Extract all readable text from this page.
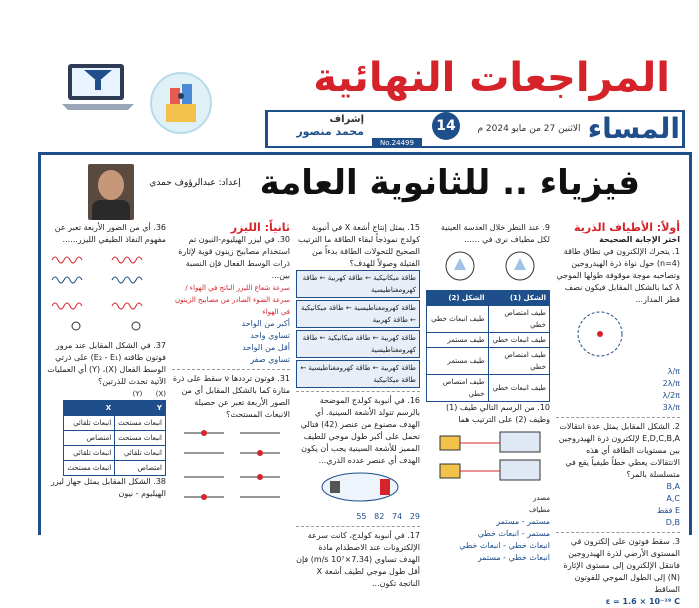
المراجعات النهائية
المساء
الاثنين 27 من مايو 2024 م
14
No.24499
إشراف
محمد منصور
فيزياء .. للثانوية العامة
إعداد: عبدالرؤوف حمدي
أولاً: الأطياف الذرية
اختر الإجابة الصحيحة
1. يتحرك الإلكترون في نطاق طاقة (n=4) حول نواة ذرة الهيدروجين وتصاحبه موجة موقوفة طولها الموجي λ كما بالشكل المقابل فيكون نصف قطر المدار...
λ/π
2λ/π
λ/2π
3λ/π
2. الشكل المقابل يمثل عدة انتقالات E,D,C,B,A لإلكترون ذرة الهيدروجين بين مستويات الطاقة أي هذه الانتقالات يعطي خطاً طيفياً يقع في متسلسلة بالمر؟
B,A
A,C
E فقط
D,B
3. سقط فوتون على إلكترون في المستوى الأرضي لذرة الهيدروجين فانتقل الإلكترون إلى مستوى الإثارة (N) إلى الطول الموجي للفوتون الساقط
ε = 1.6 × 10⁻¹⁹ C
9. عند النظر خلال العدسة العينية لكل مطياف نرى في ......
الشكل (1)	الشكل (2)
طيف امتصاص خطي	طيف انبعاث خطي
طيف انبعاث خطي	طيف مستمر
طيف امتصاص خطي	طيف مستمر
طيف انبعاث خطي	طيف امتصاص خطي
10. من الرسم التالي طيف (1) وطيف (2) على الترتيب هما
مصدر
مطياف
مستمر - مستمر
مستمر - انبعاث خطي
انبعاث خطي - انبعاث خطي
انبعاث خطي - مستمر
15. يمثل إنتاج أشعة X في أنبوبة كولدج نموذجاً لبقاء الطاقة ما الترتيب الصحيح للتحولات الطاقة بدءاً من الفتيلة وصولاً للهدف؟
طاقة ميكانيكية ← طاقة كهربية ← طاقة كهرومغناطيسية
طاقة كهرومغناطيسية ← طاقة ميكانيكية ← طاقة كهربية
طاقة كهربية ← طاقة ميكانيكية ← طاقة كهرومغناطيسية
طاقة كهربية ← طاقة كهرومغناطيسية ← طاقة ميكانيكية
16. في أنبوبة كولدج الموضحة بالرسم تتولد الأشعة السينية. أي الهدف مصنوع من عنصر (42) فتالي تحمل على أكبر طول موجي للطيف المميز للأشعة السينية يجب أن يكون الهدف أي عنصر عدده الذري...
29   74   82   55
17. في أنبوبة كولدج، كانت سرعة الإلكترونات عند الاصطدام مادة الهدف تساوي (7.34×10⁷ m/s) فإن أقل طول موجي لطيف أشعة X الناتجة تكون...
ثانياً: الليزر
30. في ليزر الهيليوم-النيون تم استخدام مصابيح زينون قوية لإثارة ذرات الوسط الفعال فإن النسبة بين...
سرعة شعاع الليزر الناتج في الهواء / سرعة الضوء الصادر من مصابيح الزينون في الهواء
أكبر من الواحد
تساوي واحد
أقل من الواحد
تساوي صفر
31. فوتون ترددها ν سقط على ذرة مثارة كما بالشكل المقابل أي من الصور الأربعة تعبر عن حصيلة الانبعاث المستحث؟
36. أي من الصور الأربعة تعبر عن مفهوم النفاذ الطيفي الليزر......
37. في الشكل المقابل عند مرور فوتون طاقته (E₂ - E₁) على ذرتي الوسط الفعال (X)، (Y) أي العمليات الآتية تحدث للذرتين؟
(X)      (Y)
Y	X
انبعاث مستحث	انبعاث تلقائي
انبعاث مستحث	امتصاص
انبعاث تلقائي	انبعاث تلقائي
امتصاص	انبعاث مستحث
38. الشكل المقابل يمثل جهاز ليزر الهيليوم - نيون
